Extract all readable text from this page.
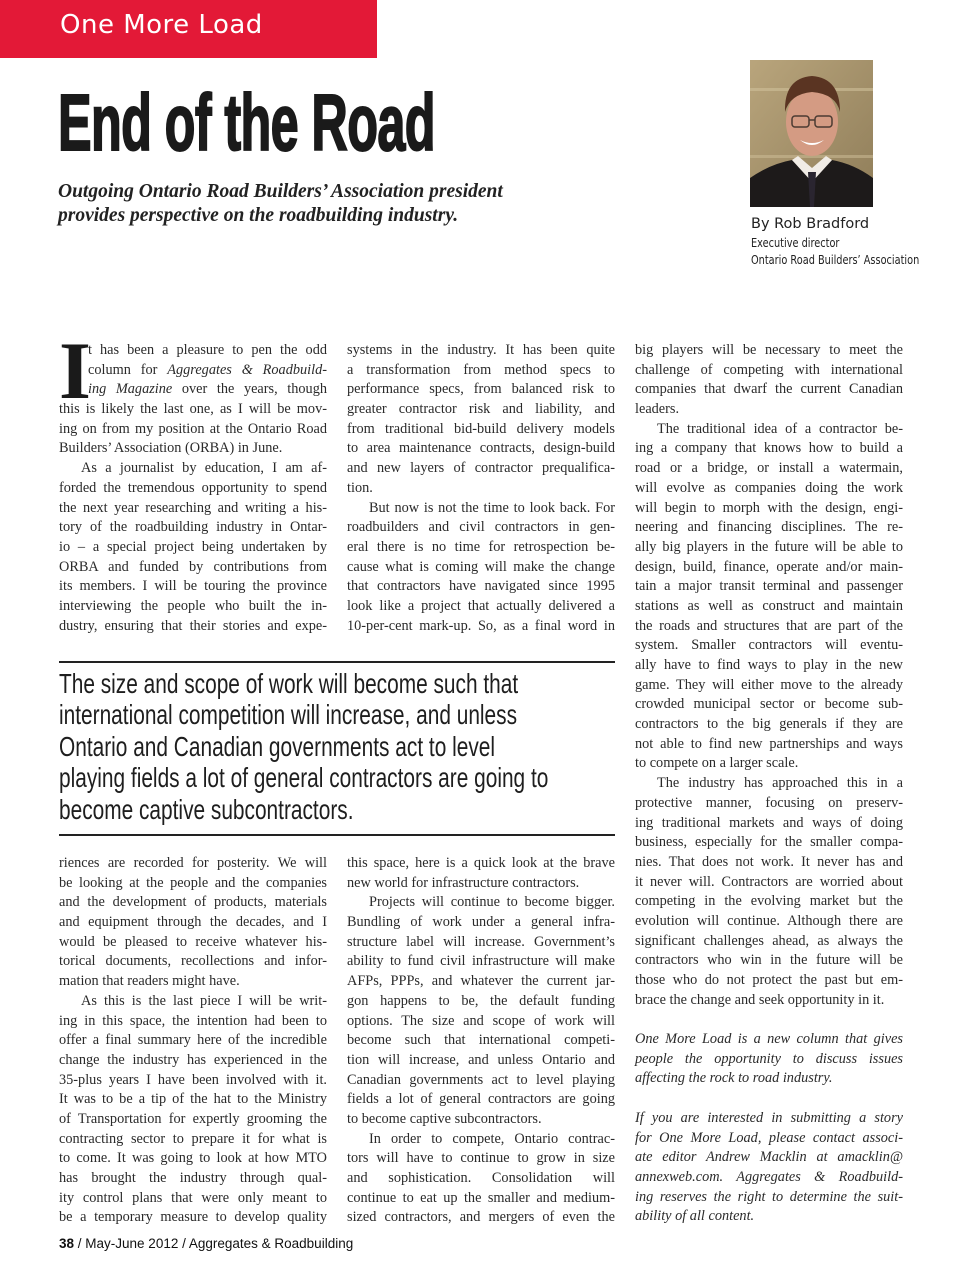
One More Load
End of the Road
Outgoing Ontario Road Builders’ Association president
provides perspective on the roadbuilding industry.	By Rob Bradford
Executive director
Ontario Road Builders’ Association
I
t has been a pleasure to pen the odd
column for Aggregates & Roadbuild-
ing Magazine over the years, though
this is likely the last one, as I will be mov-
ing on from my position at the Ontario Road
Builders’ Association (ORBA) in June.
As a journalist by education, I am af-
forded the tremendous opportunity to spend
the next year researching and writing a his-
tory of the roadbuilding industry in Ontar-
io – a special project being undertaken by
ORBA and funded by contributions from
its members. I will be touring the province
interviewing the people who built the in-
dustry, ensuring that their stories and expe-
systems in the industry. It has been quite
a transformation from method specs to
performance specs, from balanced risk to
greater contractor risk and liability, and
from traditional bid-build delivery models
to area maintenance contracts, design-build
and new layers of contractor prequalifica-
tion.
But now is not the time to look back. For
roadbuilders and civil contractors in gen-
eral there is no time for retrospection be-
cause what is coming will make the change
that contractors have navigated since 1995
look like a project that actually delivered a
10-per-cent mark-up. So, as a final word in
big players will be necessary to meet the
challenge of competing with international
companies that dwarf the current Canadian
leaders.
The traditional idea of a contractor be-
ing a company that knows how to build a
road or a bridge, or install a watermain,
will evolve as companies doing the work
will begin to morph with the design, engi-
neering and financing disciplines. The re-
ally big players in the future will be able to
design, build, finance, operate and/or main-
tain a major transit terminal and passenger
stations as well as construct and maintain
the roads and structures that are part of the
system. Smaller contractors will eventu-
ally have to find ways to play in the new
game. They will either move to the already
crowded municipal sector or become sub-
contractors to the big generals if they are
not able to find new partnerships and ways
to compete on a larger scale.
The industry has approached this in a
protective manner, focusing on preserv-
ing traditional markets and ways of doing
business, especially for the smaller compa-
nies. That does not work. It never has and
it never will. Contractors are worried about
competing in the evolving market but the
evolution will continue. Although there are
significant challenges ahead, as always the
contractors who win in the future will be
those who do not protect the past but em-
brace the change and seek opportunity in it.
One More Load is a new column that gives
people the opportunity to discuss issues
affecting the rock to road industry.
If you are interested in submitting a story
for One More Load, please contact associ-
ate editor Andrew Macklin at amacklin@
annexweb.com. Aggregates & Roadbuild-
ing reserves the right to determine the suit-
ability of all content.
riences are recorded for posterity. We will
be looking at the people and the companies
and the development of products, materials
and equipment through the decades, and I
would be pleased to receive whatever his-
torical documents, recollections and infor-
mation that readers might have.
As this is the last piece I will be writ-
ing in this space, the intention had been to
offer a final summary here of the incredible
change the industry has experienced in the
35-plus years I have been involved with it.
It was to be a tip of the hat to the Ministry
of Transportation for expertly grooming the
contracting sector to prepare it for what is
to come. It was going to look at how MTO
has brought the industry through qual-
ity control plans that were only meant to
be a temporary measure to develop quality
this space, here is a quick look at the brave
new world for infrastructure contractors.
Projects will continue to become bigger.
Bundling of work under a general infra-
structure label will increase. Government’s
ability to fund civil infrastructure will make
AFPs, PPPs, and whatever the current jar-
gon happens to be, the default funding
options. The size and scope of work will
become such that international competi-
tion will increase, and unless Ontario and
Canadian governments act to level playing
fields a lot of general contractors are going
to become captive subcontractors.
In order to compete, Ontario contrac-
tors will have to continue to grow in size
and sophistication. Consolidation will
continue to eat up the smaller and medium-
sized contractors, and mergers of even the
The size and scope of work will become such that
international competition will increase, and unless
Ontario and Canadian governments act to level
playing fields a lot of general contractors are going to
become captive subcontractors.
38 / May-June 2012 / Aggregates & Roadbuilding
